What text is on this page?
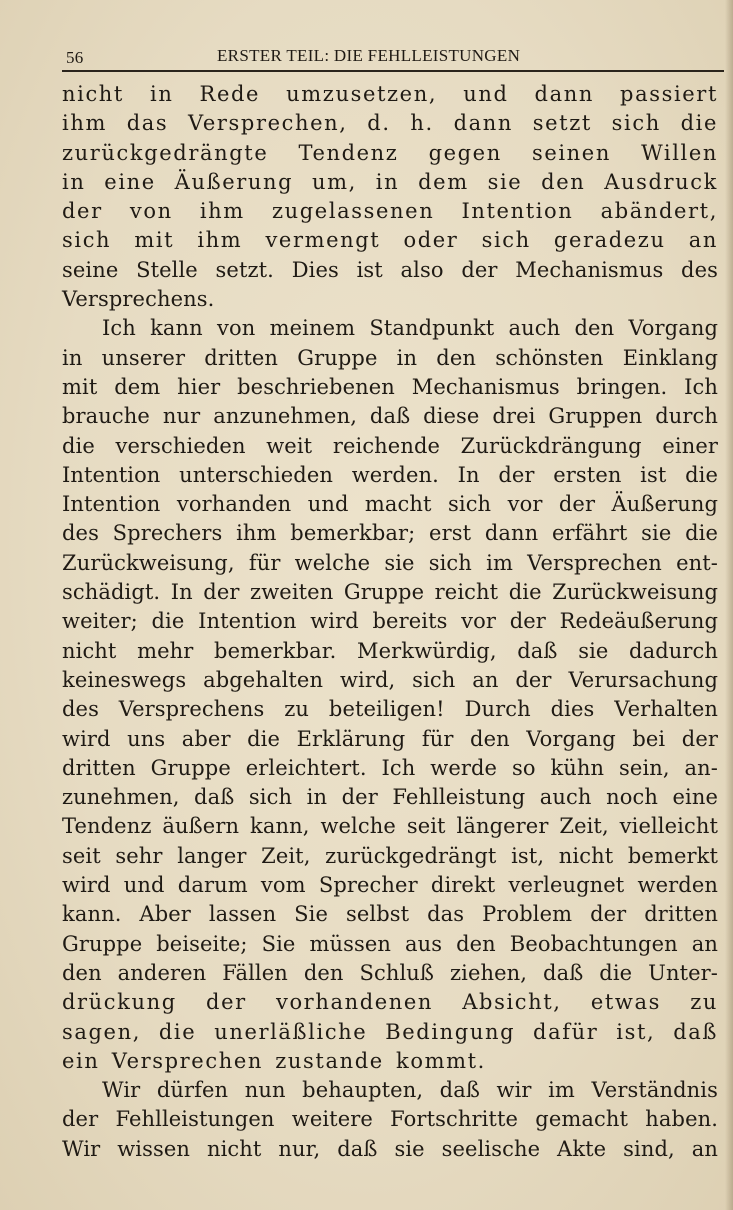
56	ERSTER TEIL: DIE FEHLLEISTUNGEN
nicht in Rede umzusetzen, und dann passiert
ihm das Versprechen, d. h. dann setzt sich die
zurückgedrängte Tendenz gegen seinen Willen
in eine Äußerung um, in dem sie den Ausdruck
der von ihm zugelassenen Intention abändert,
sich mit ihm vermengt oder sich geradezu an
seine Stelle setzt. Dies ist also der Mechanismus des
Versprechens.
Ich kann von meinem Standpunkt auch den Vorgang
in unserer dritten Gruppe in den schönsten Einklang
mit dem hier beschriebenen Mechanismus bringen. Ich
brauche nur anzunehmen, daß diese drei Gruppen durch
die verschieden weit reichende Zurückdrängung einer
Intention unterschieden werden. In der ersten ist die
Intention vorhanden und macht sich vor der Äußerung
des Sprechers ihm bemerkbar; erst dann erfährt sie die
Zurückweisung, für welche sie sich im Versprechen ent-
schädigt. In der zweiten Gruppe reicht die Zurückweisung
weiter; die Intention wird bereits vor der Redeäußerung
nicht mehr bemerkbar. Merkwürdig, daß sie dadurch
keineswegs abgehalten wird, sich an der Verursachung
des Versprechens zu beteiligen! Durch dies Verhalten
wird uns aber die Erklärung für den Vorgang bei der
dritten Gruppe erleichtert. Ich werde so kühn sein, an-
zunehmen, daß sich in der Fehlleistung auch noch eine
Tendenz äußern kann, welche seit längerer Zeit, vielleicht
seit sehr langer Zeit, zurückgedrängt ist, nicht bemerkt
wird und darum vom Sprecher direkt verleugnet werden
kann. Aber lassen Sie selbst das Problem der dritten
Gruppe beiseite; Sie müssen aus den Beobachtungen an
den anderen Fällen den Schluß ziehen, daß die Unter-
drückung der vorhandenen Absicht, etwas zu
sagen, die unerläßliche Bedingung dafür ist, daß
ein Versprechen zustande kommt.
Wir dürfen nun behaupten, daß wir im Verständnis
der Fehlleistungen weitere Fortschritte gemacht haben.
Wir wissen nicht nur, daß sie seelische Akte sind, an
